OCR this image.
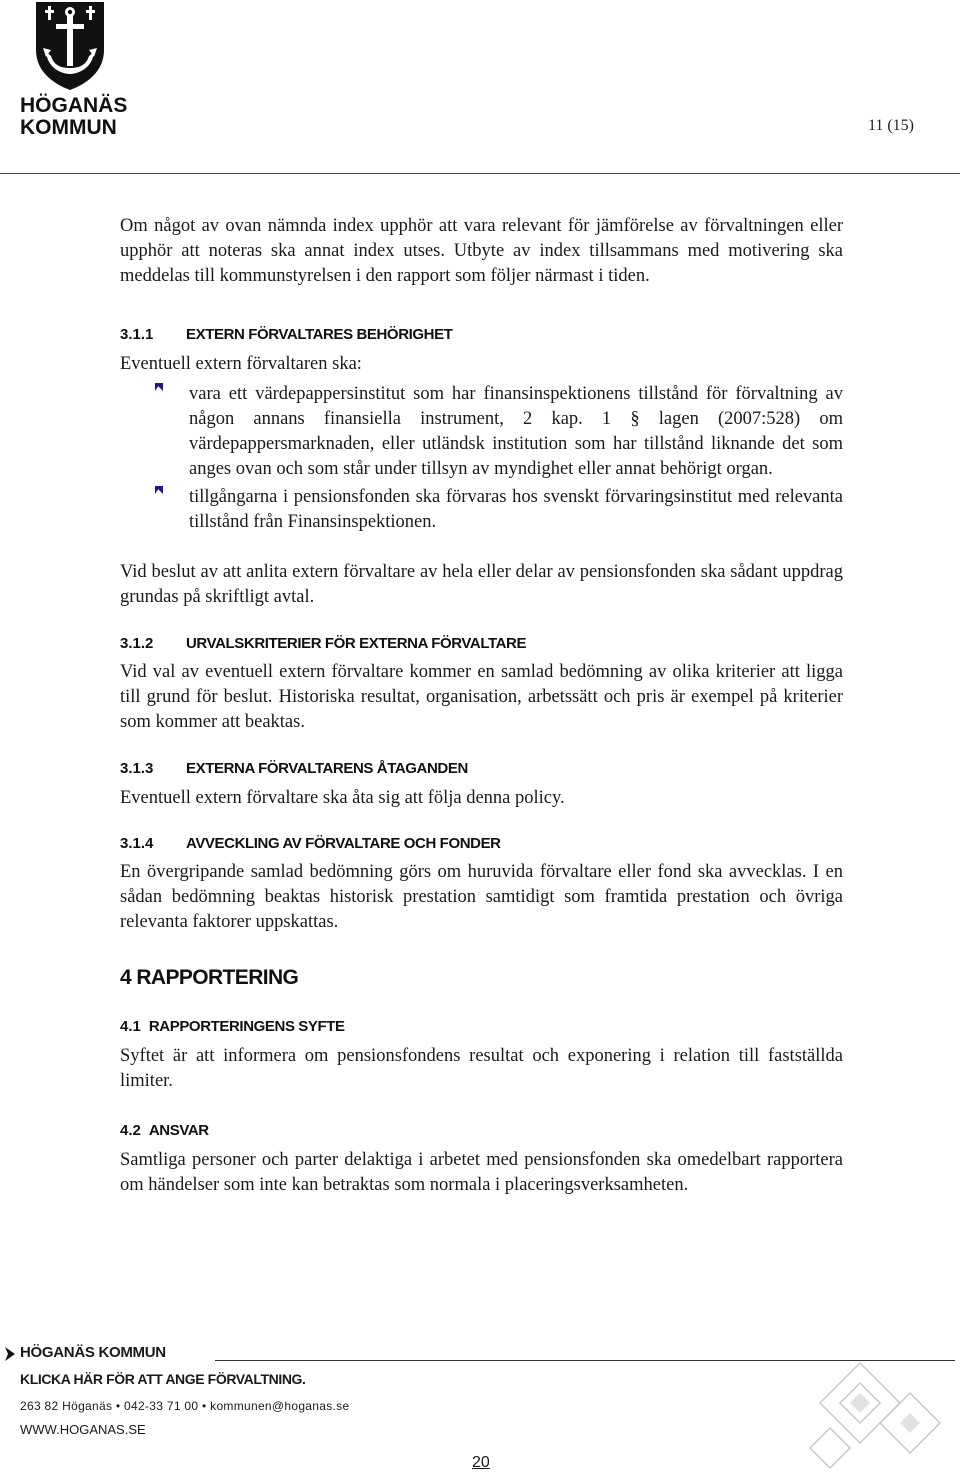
HÖGANÄS
KOMMUN	11 (15)

Om något av ovan nämnda index upphör att vara relevant för jämförelse av förvaltningen eller upphör att noteras ska annat index utses. Utbyte av index tillsammans med motivering ska meddelas till kommunstyrelsen i den rapport som följer närmast i tiden.

3.1.1 EXTERN FÖRVALTARES BEHÖRIGHET

Eventuell extern förvaltaren ska:

vara ett värdepappersinstitut som har finansinspektionens tillstånd för förvaltning av någon annans finansiella instrument, 2 kap. 1 § lagen (2007:528) om värdepappersmarknaden, eller utländsk institution som har tillstånd liknande det som anges ovan och som står under tillsyn av myndighet eller annat behörigt organ.
tillgångarna i pensionsfonden ska förvaras hos svenskt förvaringsinstitut med relevanta tillstånd från Finansinspektionen.

Vid beslut av att anlita extern förvaltare av hela eller delar av pensionsfonden ska sådant uppdrag grundas på skriftligt avtal.

3.1.2 URVALSKRITERIER FÖR EXTERNA FÖRVALTARE

Vid val av eventuell extern förvaltare kommer en samlad bedömning av olika kriterier att ligga till grund för beslut. Historiska resultat, organisation, arbetssätt och pris är exempel på kriterier som kommer att beaktas.

3.1.3 EXTERNA FÖRVALTARENS ÅTAGANDEN

Eventuell extern förvaltare ska åta sig att följa denna policy.

3.1.4 AVVECKLING AV FÖRVALTARE OCH FONDER

En övergripande samlad bedömning görs om huruvida förvaltare eller fond ska avvecklas. I en sådan bedömning beaktas historisk prestation samtidigt som framtida prestation och övriga relevanta faktorer uppskattas.

4 RAPPORTERING
4.1 RAPPORTERINGENS SYFTE

Syftet är att informera om pensionsfondens resultat och exponering i relation till fastställda limiter.

4.2 ANSVAR

Samtliga personer och parter delaktiga i arbetet med pensionsfonden ska omedelbart rapportera om händelser som inte kan betraktas som normala i placeringsverksamheten.

HÖGANÄS KOMMUN
KLICKA HÄR FÖR ATT ANGE FÖRVALTNING.
263 82 Höganäs • 042-33 71 00 • kommunen@hoganas.se
WWW.HOGANAS.SE
20
